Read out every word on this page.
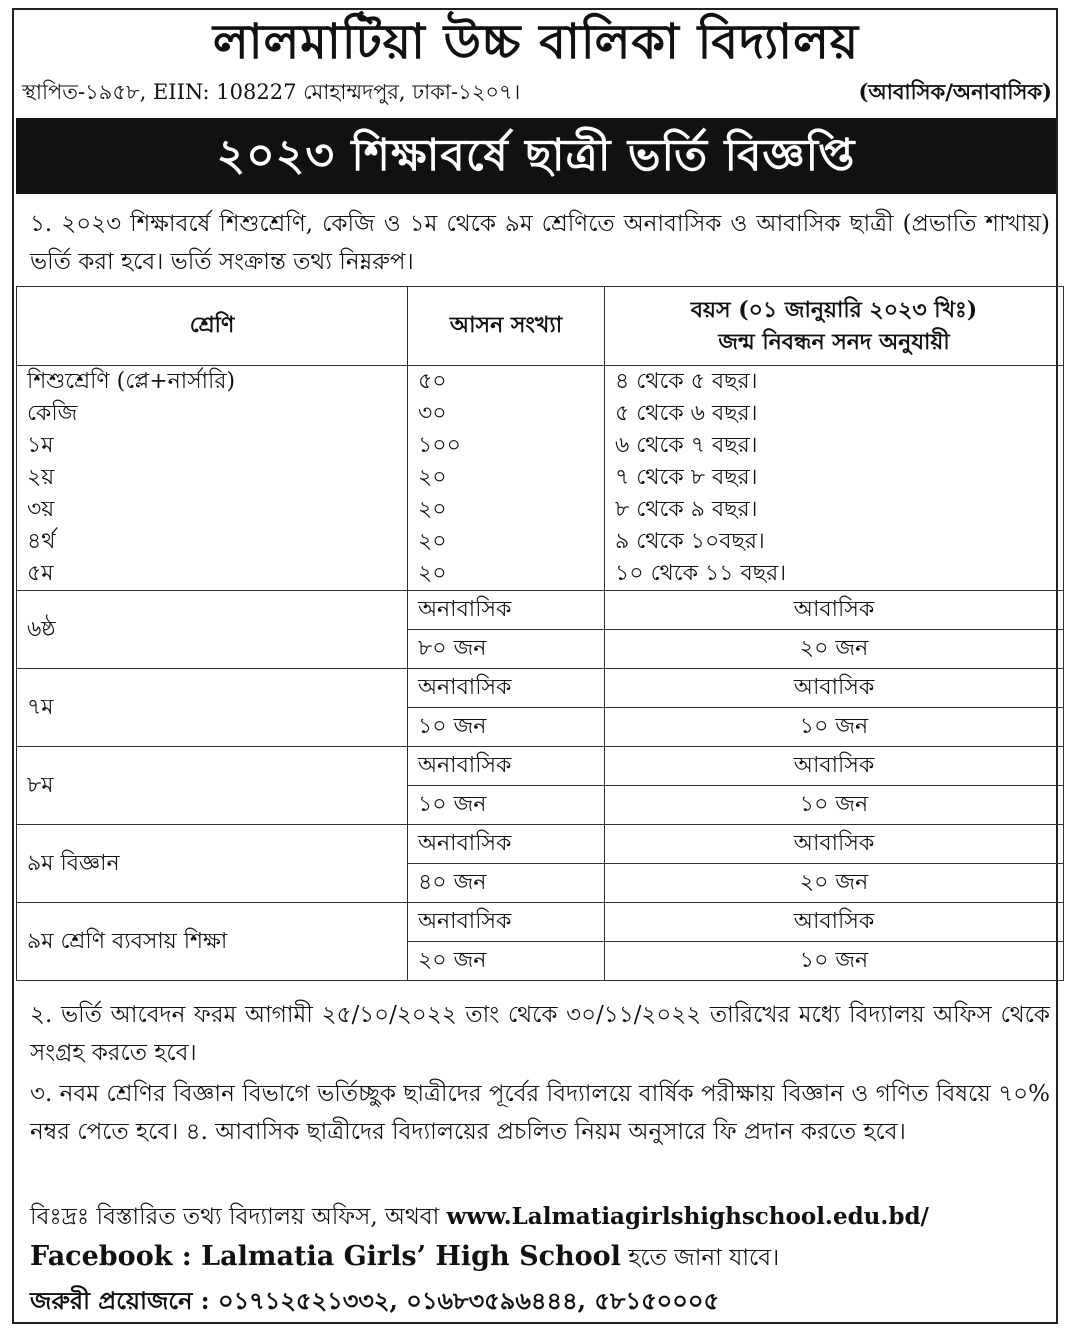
লালমাটিয়া উচ্চ বালিকা বিদ্যালয়
স্থাপিত-১৯৫৮, EIIN: 108227 মোহাম্মদপুর, ঢাকা-১২০৭।	(আবাসিক/অনাবাসিক)
২০২৩ শিক্ষাবর্ষে ছাত্রী ভর্তি বিজ্ঞপ্তি
১. ২০২৩ শিক্ষাবর্ষে শিশুশ্রেণি, কেজি ও ১ম থেকে ৯ম শ্রেণিতে অনাবাসিক ও আবাসিক ছাত্রী (প্রভাতি শাখায়) ভর্তি করা হবে। ভর্তি সংক্রান্ত তথ্য নিম্নরুপ।
শ্রেণি	আসন সংখ্যা	বয়স (০১ জানুয়ারি ২০২৩ খিঃ)
জন্ম নিবন্ধন সনদ অনুযায়ী

শিশুশ্রেণি (প্লে+নার্সারি)	৫০	৪ থেকে ৫ বছর।
কেজি	৩০	৫ থেকে ৬ বছর।
১ম	১০০	৬ থেকে ৭ বছর।
২য়	২০	৭ থেকে ৮ বছর।
৩য়	২০	৮ থেকে ৯ বছর।
৪র্থ	২০	৯ থেকে ১০বছর।
৫ম	২০	১০ থেকে ১১ বছর।
৬ষ্ঠ	অনাবাসিক	আবাসিক
	৮০ জন	২০ জন
৭ম	অনাবাসিক	আবাসিক
	১০ জন	১০ জন
৮ম	অনাবাসিক	আবাসিক
	১০ জন	১০ জন
৯ম বিজ্ঞান	অনাবাসিক	আবাসিক
	৪০ জন	২০ জন
৯ম শ্রেণি ব্যবসায় শিক্ষা	অনাবাসিক	আবাসিক
	২০ জন	১০ জন
২. ভর্তি আবেদন ফরম আগামী ২৫/১০/২০২২ তাং থেকে ৩০/১১/২০২২ তারিখের মধ্যে বিদ্যালয় অফিস থেকে সংগ্রহ করতে হবে।
৩. নবম শ্রেণির বিজ্ঞান বিভাগে ভর্তিচ্ছুক ছাত্রীদের পূর্বের বিদ্যালয়ে বার্ষিক পরীক্ষায় বিজ্ঞান ও গণিত বিষয়ে ৭০% নম্বর পেতে হবে। ৪. আবাসিক ছাত্রীদের বিদ্যালয়ের প্রচলিত নিয়ম অনুসারে ফি প্রদান করতে হবে।
বিঃদ্রঃ বিস্তারিত তথ্য বিদ্যালয় অফিস, অথবা www.Lalmatiagirlshighschool.edu.bd/
Facebook : Lalmatia Girls’ High School হতে জানা যাবে।
জরুরী প্রয়োজনে : ০১৭১২৫২১৩৩২, ০১৬৮৩৫৯৬৪৪৪, ৫৮১৫০০০৫
